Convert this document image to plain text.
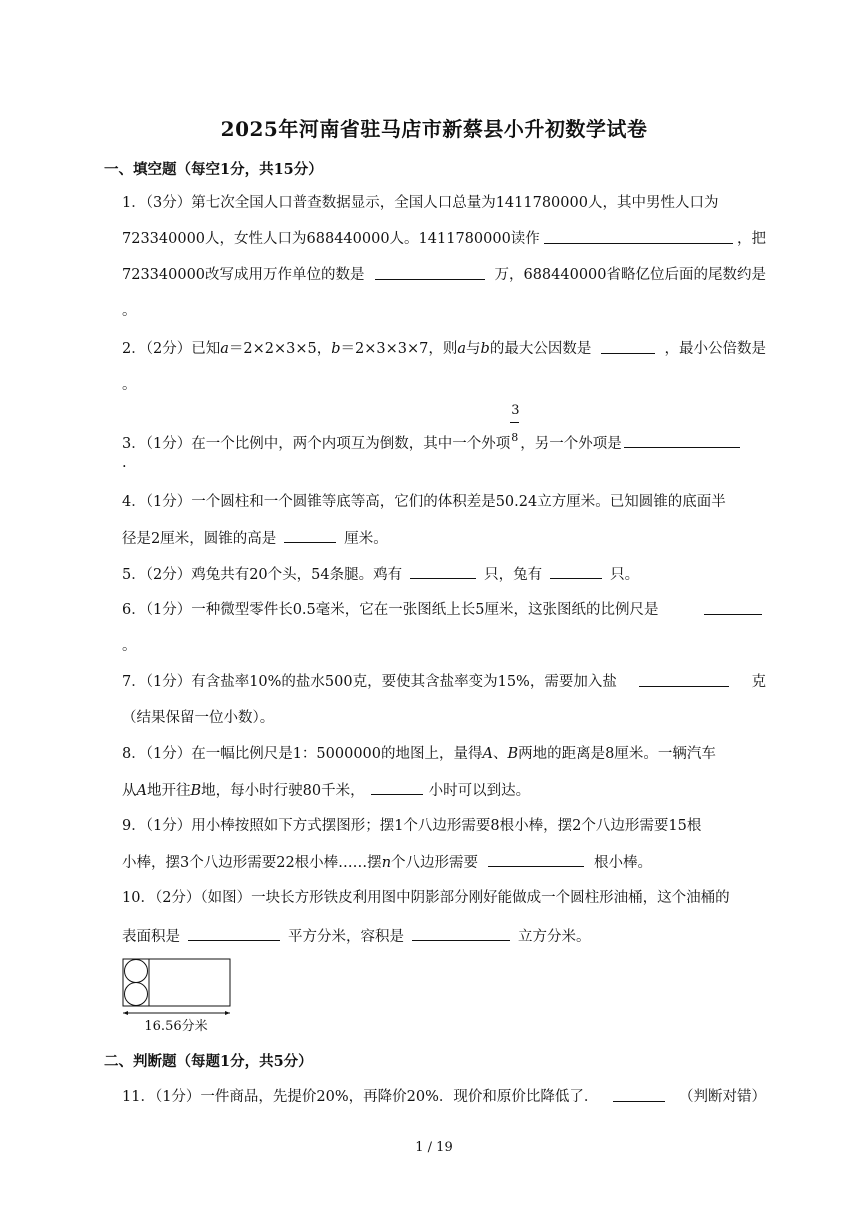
2025年河南省驻马店市新蔡县小升初数学试卷
一、填空题（每空1分，共15分）
1．（3分）第七次全国人口普查数据显示，全国人口总量为1411780000人，其中男性人口为
723340000人，女性人口为688440000人。1411780000读作	，把
723340000改写成用万作单位的数是	万，688440000省略亿位后面的尾数约是
。
2．（2分）已知a＝2×2×3×5，b＝2×3×3×7，则a与b的最大公因数是	，最小公倍数是
。
3．（1分）在一个比例中，两个内项互为倒数，其中一个外项 $\frac{3}{8}$ ，另一个外项是
.
4．（1分）一个圆柱和一个圆锥等底等高，它们的体积差是50.24立方厘米。已知圆锥的底面半
径是2厘米，圆锥的高是	厘米。
5．（2分）鸡兔共有20个头，54条腿。鸡有	只，兔有	只。
6．（1分）一种微型零件长0.5毫米，它在一张图纸上长5厘米，这张图纸的比例尺是
。
7．（1分）有含盐率10%的盐水500克，要使其含盐率变为15%，需要加入盐	克
（结果保留一位小数）。
8．（1分）在一幅比例尺是1：5000000的地图上，量得A、B两地的距离是8厘米。一辆汽车
从A地开往B地，每小时行驶80千米，	小时可以到达。
9．（1分）用小棒按照如下方式摆图形；摆1个八边形需要8根小棒，摆2个八边形需要15根
小棒，摆3个八边形需要22根小棒……摆n个八边形需要	根小棒。
10．（2分）（如图）一块长方形铁皮利用图中阴影部分刚好能做成一个圆柱形油桶，这个油桶的
表面积是	平方分米，容积是	立方分米。
16.56分米
二、判断题（每题1分，共5分）
11．（1分）一件商品，先提价20%，再降价20%．现价和原价比降低了．	（判断对错）
1 / 19
